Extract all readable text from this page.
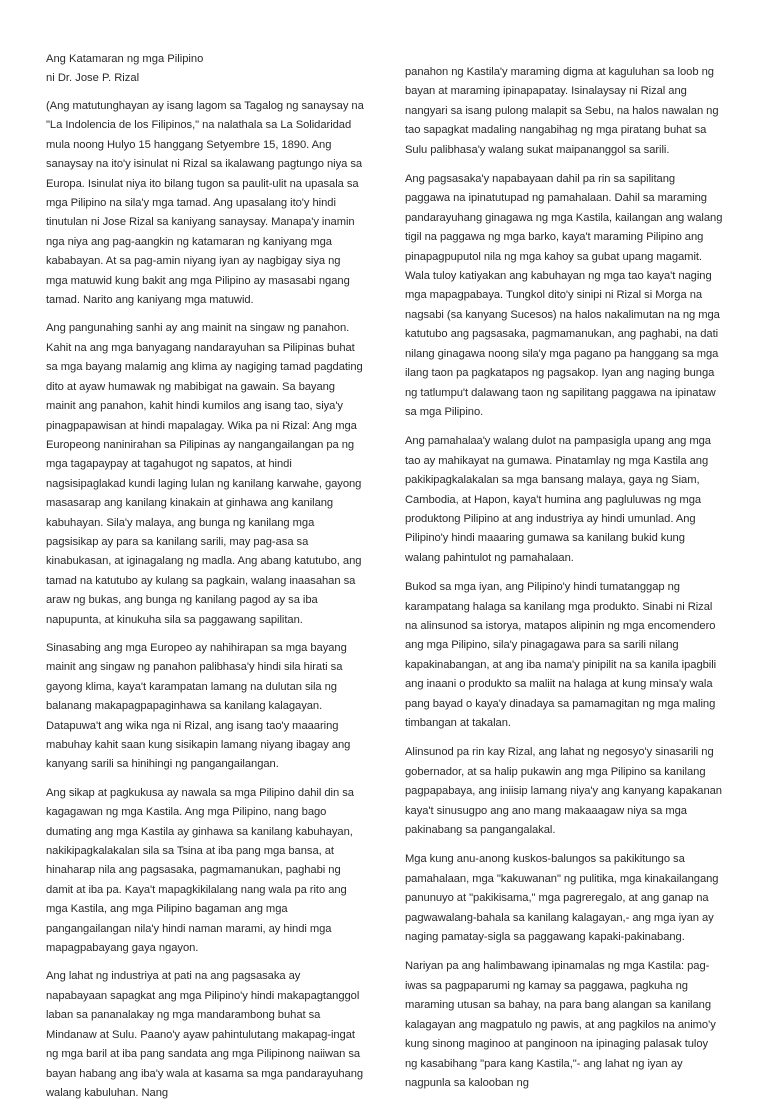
Ang Katamaran ng mga Pilipino

ni Dr. Jose P. Rizal

(Ang matutunghayan ay isang lagom sa Tagalog ng sanaysay na "La Indolencia de los Filipinos," na nalathala sa La Solidaridad mula noong Hulyo 15 hanggang Setyembre 15, 1890. Ang sanaysay na ito'y isinulat ni Rizal sa ikalawang pagtungo niya sa Europa. Isinulat niya ito bilang tugon sa paulit-ulit na upasala sa mga Pilipino na sila'y mga tamad. Ang upasalang ito'y hindi tinutulan ni Jose Rizal sa kaniyang sanaysay. Manapa'y inamin nga niya ang pag-aangkin ng katamaran ng kaniyang mga kababayan. At sa pag-amin niyang iyan ay nagbigay siya ng mga matuwid kung bakit ang mga Pilipino ay masasabi ngang tamad. Narito ang kaniyang mga matuwid.

Ang pangunahing sanhi ay ang mainit na singaw ng panahon. Kahit na ang mga banyagang nandarayuhan sa Pilipinas buhat sa mga bayang malamig ang klima ay nagiging tamad pagdating dito at ayaw humawak ng mabibigat na gawain. Sa bayang mainit ang panahon, kahit hindi kumilos ang isang tao, siya'y pinagpapawisan at hindi mapalagay. Wika pa ni Rizal: Ang mga Europeong naninirahan sa Pilipinas ay nangangailangan pa ng mga tagapaypay at tagahugot ng sapatos, at hindi nagsisipaglakad kundi laging lulan ng kanilang karwahe, gayong masasarap ang kanilang kinakain at ginhawa ang kanilang kabuhayan. Sila'y malaya, ang bunga ng kanilang mga pagsisikap ay para sa kanilang sarili, may pag-asa sa kinabukasan, at iginagalang ng madla. Ang abang katutubo, ang tamad na katutubo ay kulang sa pagkain, walang inaasahan sa araw ng bukas, ang bunga ng kanilang pagod ay sa iba napupunta, at kinukuha sila sa paggawang sapilitan.

Sinasabing ang mga Europeo ay nahihirapan sa mga bayang mainit ang singaw ng panahon palibhasa'y hindi sila hirati sa gayong klima, kaya't karampatan lamang na dulutan sila ng balanang makapagpapaginhawa sa kanilang kalagayan. Datapuwa't ang wika nga ni Rizal, ang isang tao'y maaaring mabuhay kahit saan kung sisikapin lamang niyang ibagay ang kanyang sarili sa hinihingi ng pangangailangan.

Ang sikap at pagkukusa ay nawala sa mga Pilipino dahil din sa kagagawan ng mga Kastila. Ang mga Pilipino, nang bago dumating ang mga Kastila ay ginhawa sa kanilang kabuhayan, nakikipagkalakalan sila sa Tsina at iba pang mga bansa, at hinaharap nila ang pagsasaka, pagmamanukan, paghabi ng damit at iba pa. Kaya't mapagkikilalang nang wala pa rito ang mga Kastila, ang mga Pilipino bagaman ang mga pangangailangan nila'y hindi naman marami, ay hindi mga mapagpabayang gaya ngayon.

Ang lahat ng industriya at pati na ang pagsasaka ay napabayaan sapagkat ang mga Pilipino'y hindi makapagtanggol laban sa pananalakay ng mga mandarambong buhat sa Mindanaw at Sulu. Paano'y ayaw pahintulutang makapag-ingat ng mga baril at iba pang sandata ang mga Pilipinong naiiwan sa bayan habang ang iba'y wala at kasama sa mga pandarayuhang walang kabuluhan. Nang

panahon ng Kastila'y maraming digma at kaguluhan sa loob ng bayan at maraming ipinapapatay. Isinalaysay ni Rizal ang nangyari sa isang pulong malapit sa Sebu, na halos nawalan ng tao sapagkat madaling nangabihag ng mga piratang buhat sa Sulu palibhasa'y walang sukat maipananggol sa sarili.

Ang pagsasaka'y napabayaan dahil pa rin sa sapilitang paggawa na ipinatutupad ng pamahalaan. Dahil sa maraming pandarayuhang ginagawa ng mga Kastila, kailangan ang walang tigil na paggawa ng mga barko, kaya't maraming Pilipino ang pinapagpuputol nila ng mga kahoy sa gubat upang magamit. Wala tuloy katiyakan ang kabuhayan ng mga tao kaya't naging mga mapagpabaya. Tungkol dito'y sinipi ni Rizal si Morga na nagsabi (sa kanyang Sucesos) na halos nakalimutan na ng mga katutubo ang pagsasaka, pagmamanukan, ang paghabi, na dati nilang ginagawa noong sila'y mga pagano pa hanggang sa mga ilang taon pa pagkatapos ng pagsakop. Iyan ang naging bunga ng tatlumpu't dalawang taon ng sapilitang paggawa na ipinataw sa mga Pilipino.

Ang pamahalaa'y walang dulot na pampasigla upang ang mga tao ay mahikayat na gumawa. Pinatamlay ng mga Kastila ang pakikipagkalakalan sa mga bansang malaya, gaya ng Siam, Cambodia, at Hapon, kaya't humina ang pagluluwas ng mga produktong Pilipino at ang industriya ay hindi umunlad. Ang Pilipino'y hindi maaaring gumawa sa kanilang bukid kung walang pahintulot ng pamahalaan.

Bukod sa mga iyan, ang Pilipino'y hindi tumatanggap ng karampatang halaga sa kanilang mga produkto. Sinabi ni Rizal na alinsunod sa istorya, matapos alipinin ng mga encomendero ang mga Pilipino, sila'y pinagagawa para sa sarili nilang kapakinabangan, at ang iba nama'y pinipilit na sa kanila ipagbili ang inaani o produkto sa maliit na halaga at kung minsa'y wala pang bayad o kaya'y dinadaya sa pamamagitan ng mga maling timbangan at takalan.

Alinsunod pa rin kay Rizal, ang lahat ng negosyo'y sinasarili ng gobernador, at sa halip pukawin ang mga Pilipino sa kanilang pagpapabaya, ang iniisip lamang niya'y ang kanyang kapakanan kaya't sinusugpo ang ano mang makaaagaw niya sa mga pakinabang sa pangangalakal.

Mga kung anu-anong kuskos-balungos sa pakikitungo sa pamahalaan, mga "kakuwanan" ng pulitika, mga kinakailangang panunuyo at "pakikisama," mga pagreregalo, at ang ganap na pagwawalang-bahala sa kanilang kalagayan,- ang mga iyan ay naging pamatay-sigla sa paggawang kapaki-pakinabang.

Nariyan pa ang halimbawang ipinamalas ng mga Kastila: pag-iwas sa pagpaparumi ng kamay sa paggawa, pagkuha ng maraming utusan sa bahay, na para bang alangan sa kanilang kalagayan ang magpatulo ng pawis, at ang pagkilos na animo'y kung sinong maginoo at panginoon na ipinaging palasak tuloy ng kasabihang "para kang Kastila,"- ang lahat ng iyan ay nagpunla sa kalooban ng
